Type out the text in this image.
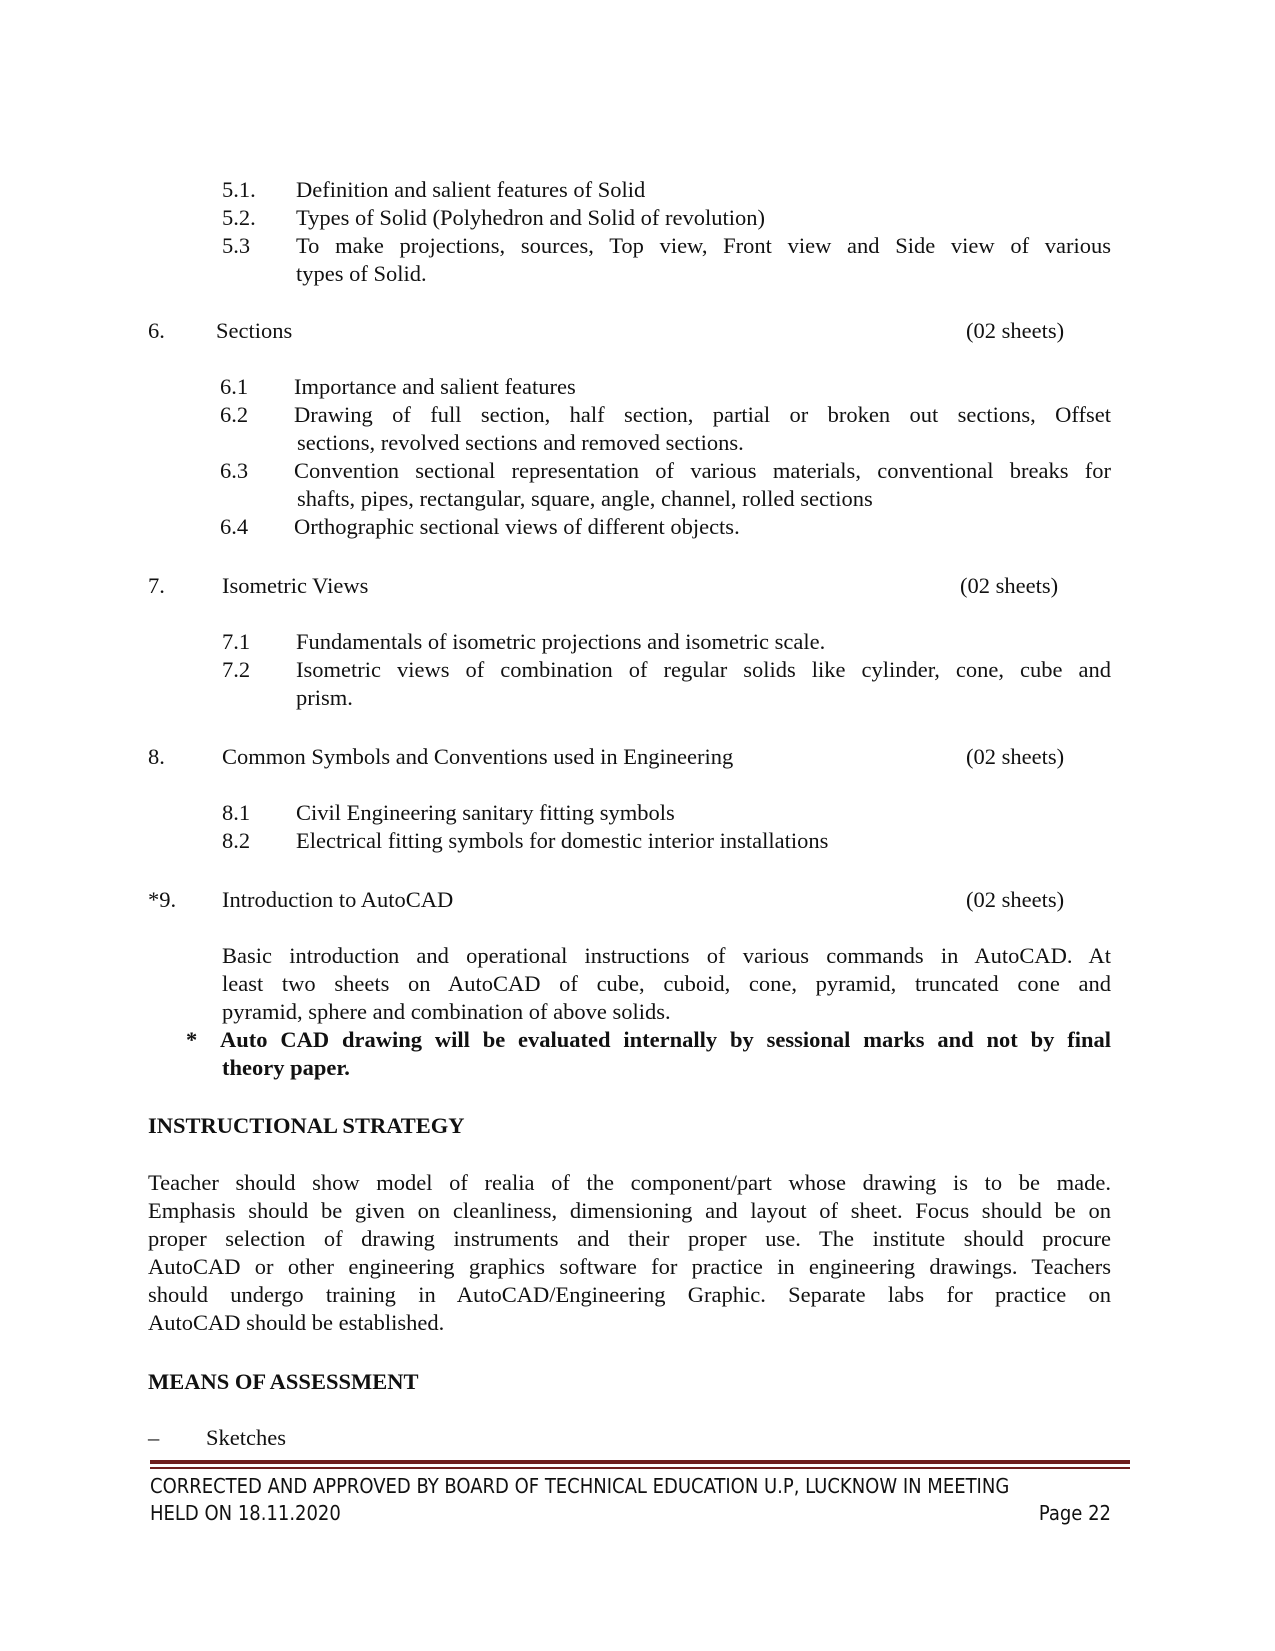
5.1. Definition and salient features of Solid
5.2. Types of Solid (Polyhedron and Solid of revolution)
5.3 To make projections, sources, Top view, Front view and Side view of various
types of Solid.
6. Sections	(02 sheets)
6.1 Importance and salient features
6.2 Drawing of full section, half section, partial or broken out sections, Offset
sections, revolved sections and removed sections.
6.3 Convention sectional representation of various materials, conventional breaks for
shafts, pipes, rectangular, square, angle, channel, rolled sections
6.4 Orthographic sectional views of different objects.
7.	Isometric Views	(02 sheets)
7.1 Fundamentals of isometric projections and isometric scale.
7.2 Isometric views of combination of regular solids like cylinder, cone, cube and
prism.
8.	Common Symbols and Conventions used in Engineering	(02 sheets)
8.1 Civil Engineering sanitary fitting symbols
8.2 Electrical fitting symbols for domestic interior installations
*9. Introduction to AutoCAD	(02 sheets)
Basic introduction and operational instructions of various commands in AutoCAD. At
least two sheets on AutoCAD of cube, cuboid, cone, pyramid, truncated cone and
pyramid, sphere and combination of above solids.
* Auto CAD drawing will be evaluated internally by sessional marks and not by final
theory paper.
INSTRUCTIONAL STRATEGY
Teacher should show model of realia of the component/part whose drawing is to be made.
Emphasis should be given on cleanliness, dimensioning and layout of sheet. Focus should be on
proper selection of drawing instruments and their proper use. The institute should procure
AutoCAD or other engineering graphics software for practice in engineering drawings. Teachers
should undergo training in AutoCAD/Engineering Graphic. Separate labs for practice on
AutoCAD should be established.
MEANS OF ASSESSMENT
– Sketches
CORRECTED AND APPROVED BY BOARD OF TECHNICAL EDUCATION U.P, LUCKNOW IN MEETING
HELD ON 18.11.2020	Page 22
